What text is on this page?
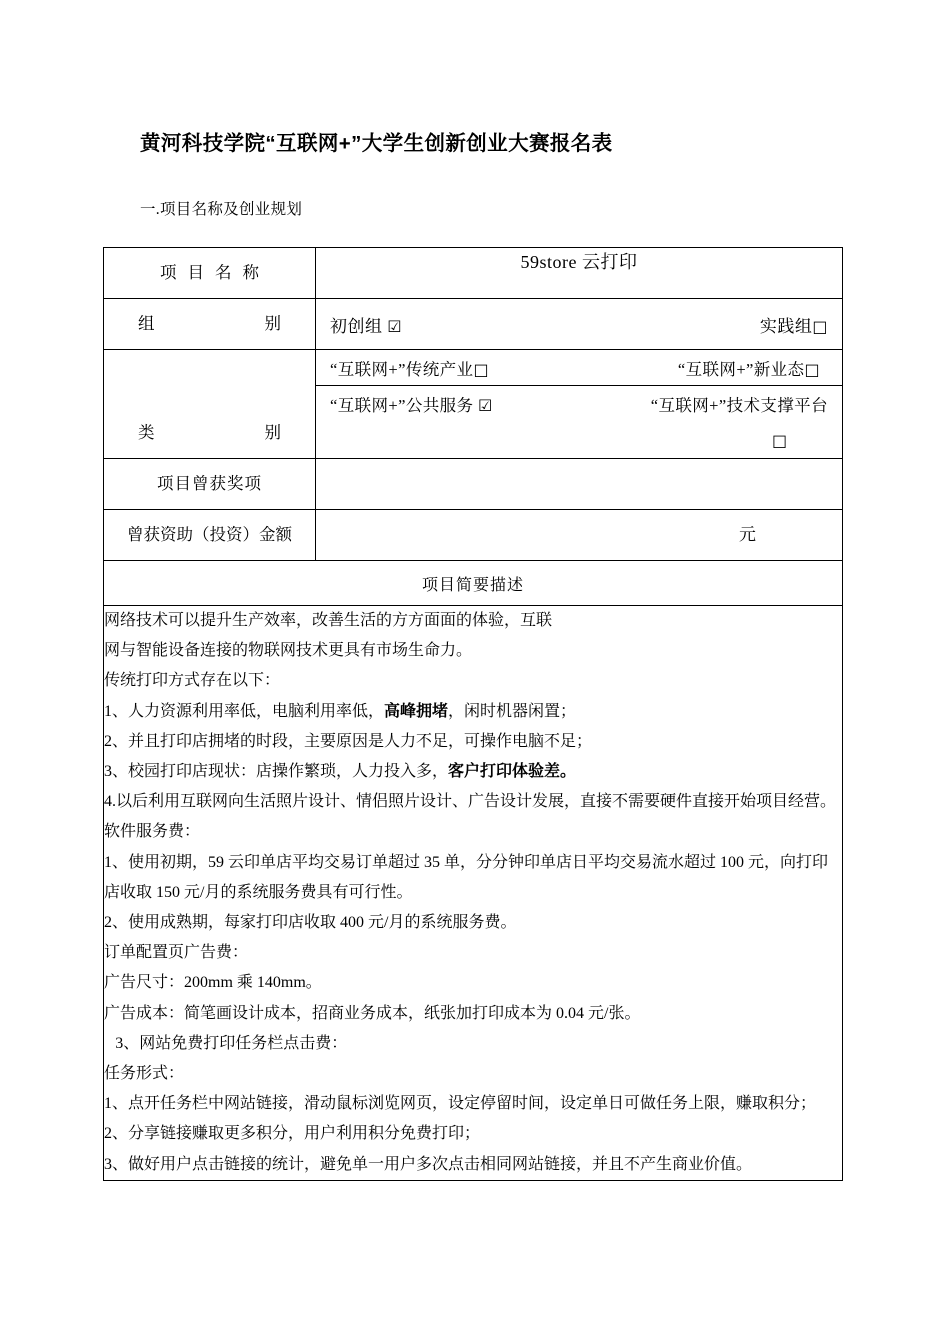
黄河科技学院“互联网+”大学生创新创业大赛报名表
一.项目名称及创业规划
项目名称	59store 云打印

组别	初创组 ☑ 实践组□

类别	“互联网+”传统产业□ “互联网+”新业态□
“互联网+”公共服务 ☑ “互联网+”技术支撑平台
□

项目曾获奖项	

曾获资助（投资）金额	元

项目简要描述	

网络技术可以提升生产效率，改善生活的方方面面的体验，互联

网与智能设备连接的物联网技术更具有市场生命力。

传统打印方式存在以下：

1、人力资源利用率低，电脑利用率低，高峰拥堵，闲时机器闲置；

2、并且打印店拥堵的时段，主要原因是人力不足，可操作电脑不足；

3、校园打印店现状：店操作繁琐，人力投入多，客户打印体验差。

4.以后利用互联网向生活照片设计、情侣照片设计、广告设计发展，直接不需要硬件直接开始项目经营。

软件服务费：

1、使用初期，59 云印单店平均交易订单超过 35 单，分分钟印单店日平均交易流水超过 100 元，向打印店收取 150 元/月的系统服务费具有可行性。

2、使用成熟期，每家打印店收取 400 元/月的系统服务费。

订单配置页广告费：

广告尺寸：200mm 乘 140mm。

广告成本：简笔画设计成本，招商业务成本，纸张加打印成本为 0.04 元/张。

3、网站免费打印任务栏点击费：

任务形式：

1、点开任务栏中网站链接，滑动鼠标浏览网页，设定停留时间，设定单日可做任务上限，赚取积分；

2、分享链接赚取更多积分，用户利用积分免费打印；

3、做好用户点击链接的统计，避免单一用户多次点击相同网站链接，并且不产生商业价值。
